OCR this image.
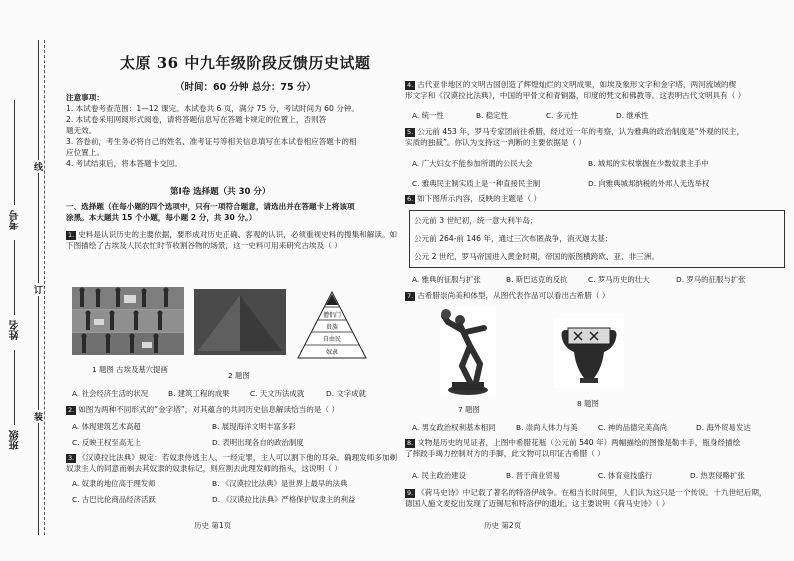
班级
姓名
考号
装
订
线
太原 36 中九年级阶段反馈历史试题
（时间：60 分钟 总分：75 分）
注意事项：
1. 本试卷考查范围：1—12 课完。本试卷共 6 页，满分 75 分，考试时间为 60 分钟。
2. 本试卷采用网阅形式阅卷，请将答题信息写在答题卡规定的位置上，否则答
题无效。
3. 答卷前，考生务必将自己的姓名、准考证号等相关信息填写在本试卷相应答题卡的相
应位置上。
4. 考试结束后，将本答题卡交回。
第Ⅰ卷 选择题（共 30 分）
一、选择题（在每小题的四个选项中，只有一项符合题意，请选出并在答题卡上将该项
涂黑。本大题共 15 个小题，每小题 2 分，共 30 分。）
1. 史料是认识历史的主要依据，要形成对历史正确、客观的认识，必须重视史料的搜集和解读。如
下图描绘了古埃及人民农忙时节收割谷物的场景，这一史料可用来研究古埃及（ ）
僧侣门
贵族
自由民
奴隶
1 题图 古埃及墓穴提画
2 题图
A. 社会经济生活的状况	B. 建筑工程的成果	C. 天文历法成就	D. 文字成就
2. 如图为两种不同形式的“金字塔”，对其蕴含的共同历史信息解读恰当的是（ ）
A. 体现建筑艺术高超	B. 展现海洋文明丰富多彩
C. 反映王权至高无上	D. 表明出现各自的政治制度
3. 《汉谟拉比法典》规定：若奴隶侍逃主人，一经定罪，主人可以割下他的耳朵。确理发师多加剃
奴隶主人的同意而剃去其奴隶的奴隶标记，则应割去此理发师的指头，这说明（ ）
A. 奴隶的地位高于理发师	B. 《汉谟拉比法典》是世界上最早的法典
C. 古巴比伦商品经济活跃	D. 《汉谟拉比法典》严格保护奴隶主的利益
历史 第1页
4. 古代亚非地区的文明古国创造了辉煌灿烂的文明成果，如埃及象形文字和金字塔，两河流域的楔
形文字和《汉谟拉比法典》，中国的甲骨文和青铜器，印度的梵文和佛教等。这表明古代文明具有（ ）
A. 统一性	B. 稳定性	C. 多元性	D. 继承性
5. 公元前 453 年，罗马专家团前往希腊，经过近一年的考察，认为雅典的政治制度是“外观的民主，
实质的独裁”。你认为支持这一判断的主要依据是（ ）
A. 广大妇女不能参加所谓的公民大会	B. 城邦的实权掌握在少数奴隶主手中
C. 雅典民主制实质上是一种直接民主制	D. 向雅典城邦纳税的外邦人无选举权
6. 如下图所示内容，反映的主题是（ ）
公元前 3 世纪初，统一意大利半岛；
公元前 264-前 146 年，通过三次布匿战争，消灭迦太基；
公元 2 世纪，罗马帝国进入黄金时期，帝国的版图横跨欧、亚、非三洲。
A. 雅典的征服与扩张	B. 斯巴达克的反抗	C. 罗马历史的壮大	D. 罗马的征服与扩张
7. 古希腊崇尚美和体型，从图代表作品可以看出古希腊（ ）
7 题图
8 题图
A. 男女政治权利基本相同	B. 崇尚人体力与美	C. 神的品德完美高尚	D. 海外贸易发达
8. 文物是历史的见证者，上图中希腊花瓶（公元前 540 年）两幅描绘的图像是勒丰手，瓶身经描绘
了摔跤手竭力控制对方的手脚，此文物可以印证古希腊（ ）
A. 民主政治建设	B. 晋于商业贸易	C. 体育竞技盛行	D. 热衷侵略扩张
9. 《荷马史诗》中记载了著名的特洛伊战争。在相当长时间里，人们认为这只是一个传说。十九世纪后期，
德国人施文麦挖出发现了迈锡尼和特洛伊的遗址。这主要说明《荷马史诗》（ ）
历史 第2页
